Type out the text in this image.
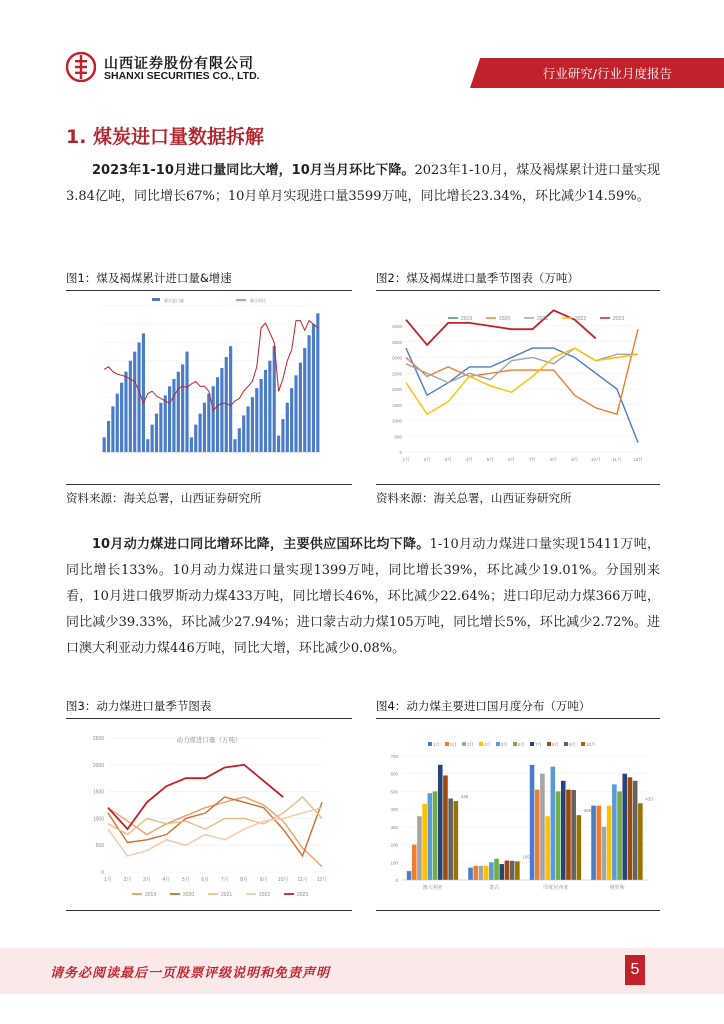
山西证券股份有限公司
SHANXI SECURITIES CO., LTD.	行业研究/行业月度报告
1. 煤炭进口量数据拆解
2023年1-10月进口量同比大增，10月当月环比下降。2023年1-10月，煤及褐煤累计进口量实现3.84亿吨，同比增长67%；10月单月实现进口量3599万吨，同比增长23.34%，环比减少14.59%。
图1：煤及褐煤累计进口量&增速
累计进口量	累计同比
资料来源：海关总署，山西证券研究所
图2：煤及褐煤进口量季节图表（万吨）
0
500
1000
1500
2000
2500
3000
3500
4000
1月	2月	3月	4月	5月	6月	7月	8月	9月	10月	11月	12月
2019	2020	2021	2022	2023
资料来源：海关总署，山西证券研究所
10月动力煤进口同比增环比降，主要供应国环比均下降。1-10月动力煤进口量实现15411万吨，同比增长133%。10月动力煤进口量实现1399万吨，同比增长39%，环比减少19.01%。分国别来看，10月进口俄罗斯动力煤433万吨，同比增长46%，环比减少22.64%；进口印尼动力煤366万吨，同比减少39.33%，环比减少27.94%；进口蒙古动力煤105万吨，同比增长5%，环比减少2.72%。进口澳大利亚动力煤446万吨，同比大增，环比减少0.08%。
图3：动力煤进口量季节图表
0
500
1000
1500
2000
2500
1月 2月 3月 4月 5月 6月 7月 8月 9月 10月 11月 12月
动力煤进口量（万吨）
2019	2020	2021	2022	2023
图4：动力煤主要进口国月度分布（万吨）
0
100
200
300
400
500
600
700
1月 2月 3月 4月 5月 6月 7月 8月 9月 10月
446
澳大利亚
105
蒙古
366
印度尼西亚
433
俄罗斯
请务必阅读最后一页股票评级说明和免责声明	5
